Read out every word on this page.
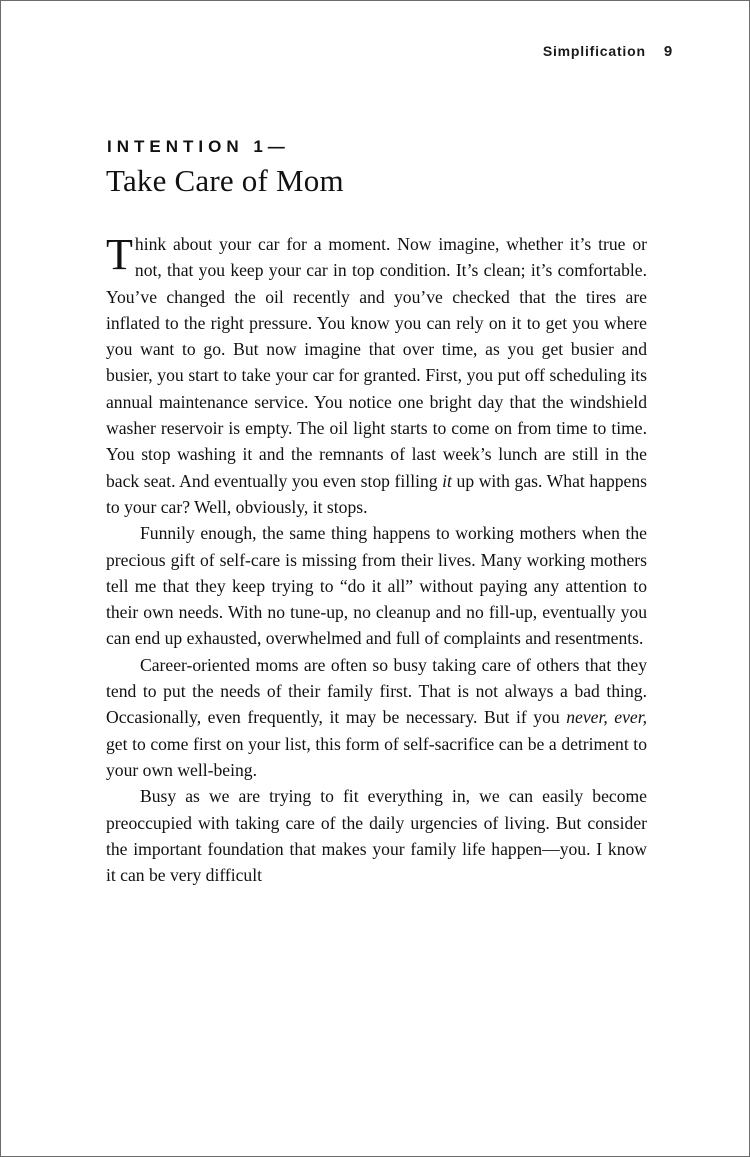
Simplification 9
INTENTION 1—
Take Care of Mom

Think about your car for a moment. Now imagine, whether it’s true or not, that you keep your car in top condition. It’s clean; it’s comfortable. You’ve changed the oil recently and you’ve checked that the tires are inflated to the right pressure. You know you can rely on it to get you where you want to go. But now imagine that over time, as you get busier and busier, you start to take your car for granted. First, you put off scheduling its annual maintenance service. You notice one bright day that the windshield washer reservoir is empty. The oil light starts to come on from time to time. You stop washing it and the remnants of last week’s lunch are still in the back seat. And eventually you even stop filling it up with gas. What happens to your car? Well, obviously, it stops.

Funnily enough, the same thing happens to working mothers when the precious gift of self-care is missing from their lives. Many working mothers tell me that they keep trying to “do it all” without paying any attention to their own needs. With no tune-up, no cleanup and no fill-up, eventually you can end up exhausted, overwhelmed and full of complaints and resentments.

Career-oriented moms are often so busy taking care of others that they tend to put the needs of their family first. That is not always a bad thing. Occasionally, even frequently, it may be necessary. But if you never, ever, get to come first on your list, this form of self-sacrifice can be a detriment to your own well-being.

Busy as we are trying to fit everything in, we can easily become preoccupied with taking care of the daily urgencies of living. But consider the important foundation that makes your family life happen—you. I know it can be very difficult
